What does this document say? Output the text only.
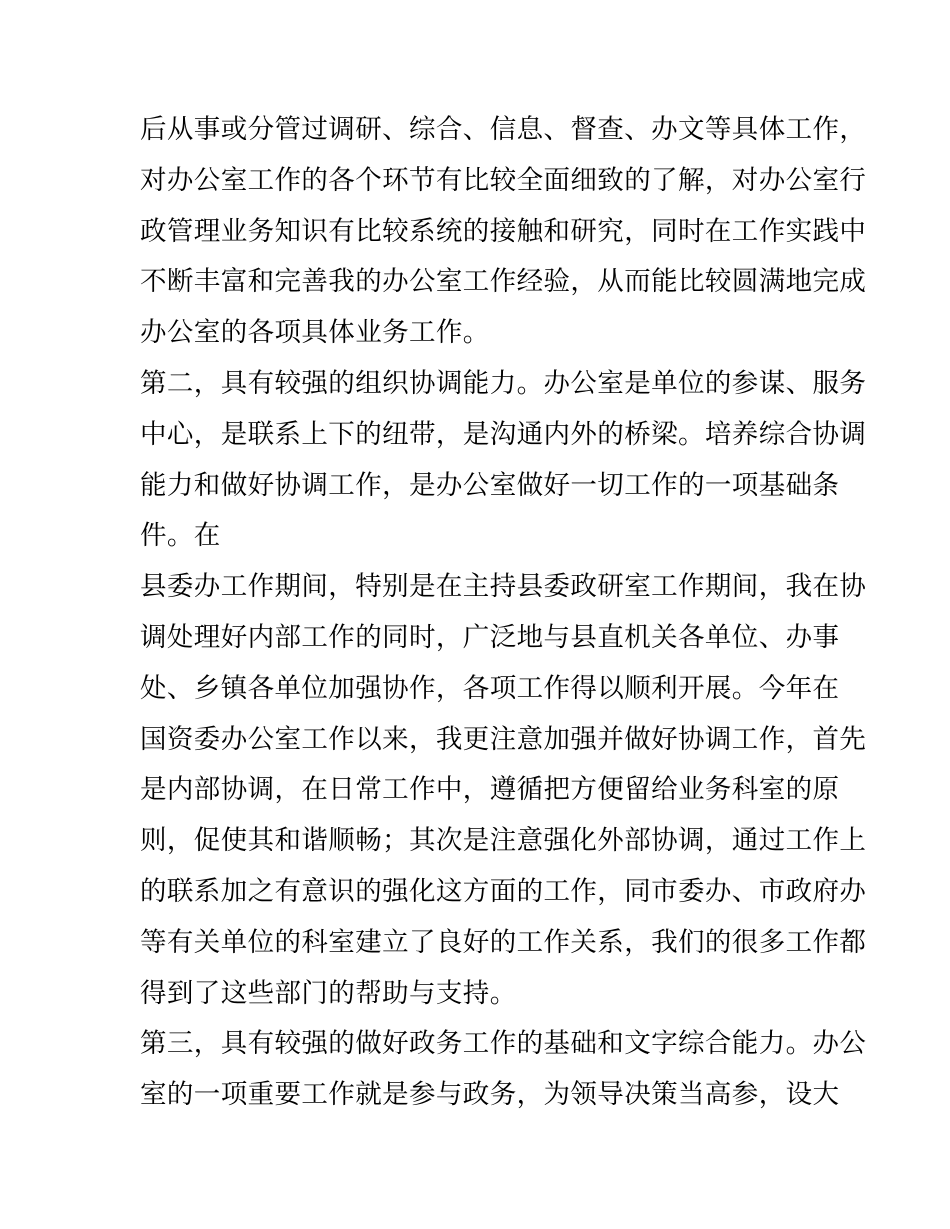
后从事或分管过调研、综合、信息、督查、办文等具体工作，
对办公室工作的各个环节有比较全面细致的了解，对办公室行
政管理业务知识有比较系统的接触和研究，同时在工作实践中
不断丰富和完善我的办公室工作经验，从而能比较圆满地完成
办公室的各项具体业务工作。
第二，具有较强的组织协调能力。办公室是单位的参谋、服务
中心，是联系上下的纽带，是沟通内外的桥梁。培养综合协调
能力和做好协调工作，是办公室做好一切工作的一项基础条
件。在
县委办工作期间，特别是在主持县委政研室工作期间，我在协
调处理好内部工作的同时，广泛地与县直机关各单位、办事
处、乡镇各单位加强协作，各项工作得以顺利开展。今年在
国资委办公室工作以来，我更注意加强并做好协调工作，首先
是内部协调，在日常工作中，遵循把方便留给业务科室的原
则，促使其和谐顺畅；其次是注意强化外部协调，通过工作上
的联系加之有意识的强化这方面的工作，同市委办、市政府办
等有关单位的科室建立了良好的工作关系，我们的很多工作都
得到了这些部门的帮助与支持。
第三，具有较强的做好政务工作的基础和文字综合能力。办公
室的一项重要工作就是参与政务，为领导决策当高参，设大
